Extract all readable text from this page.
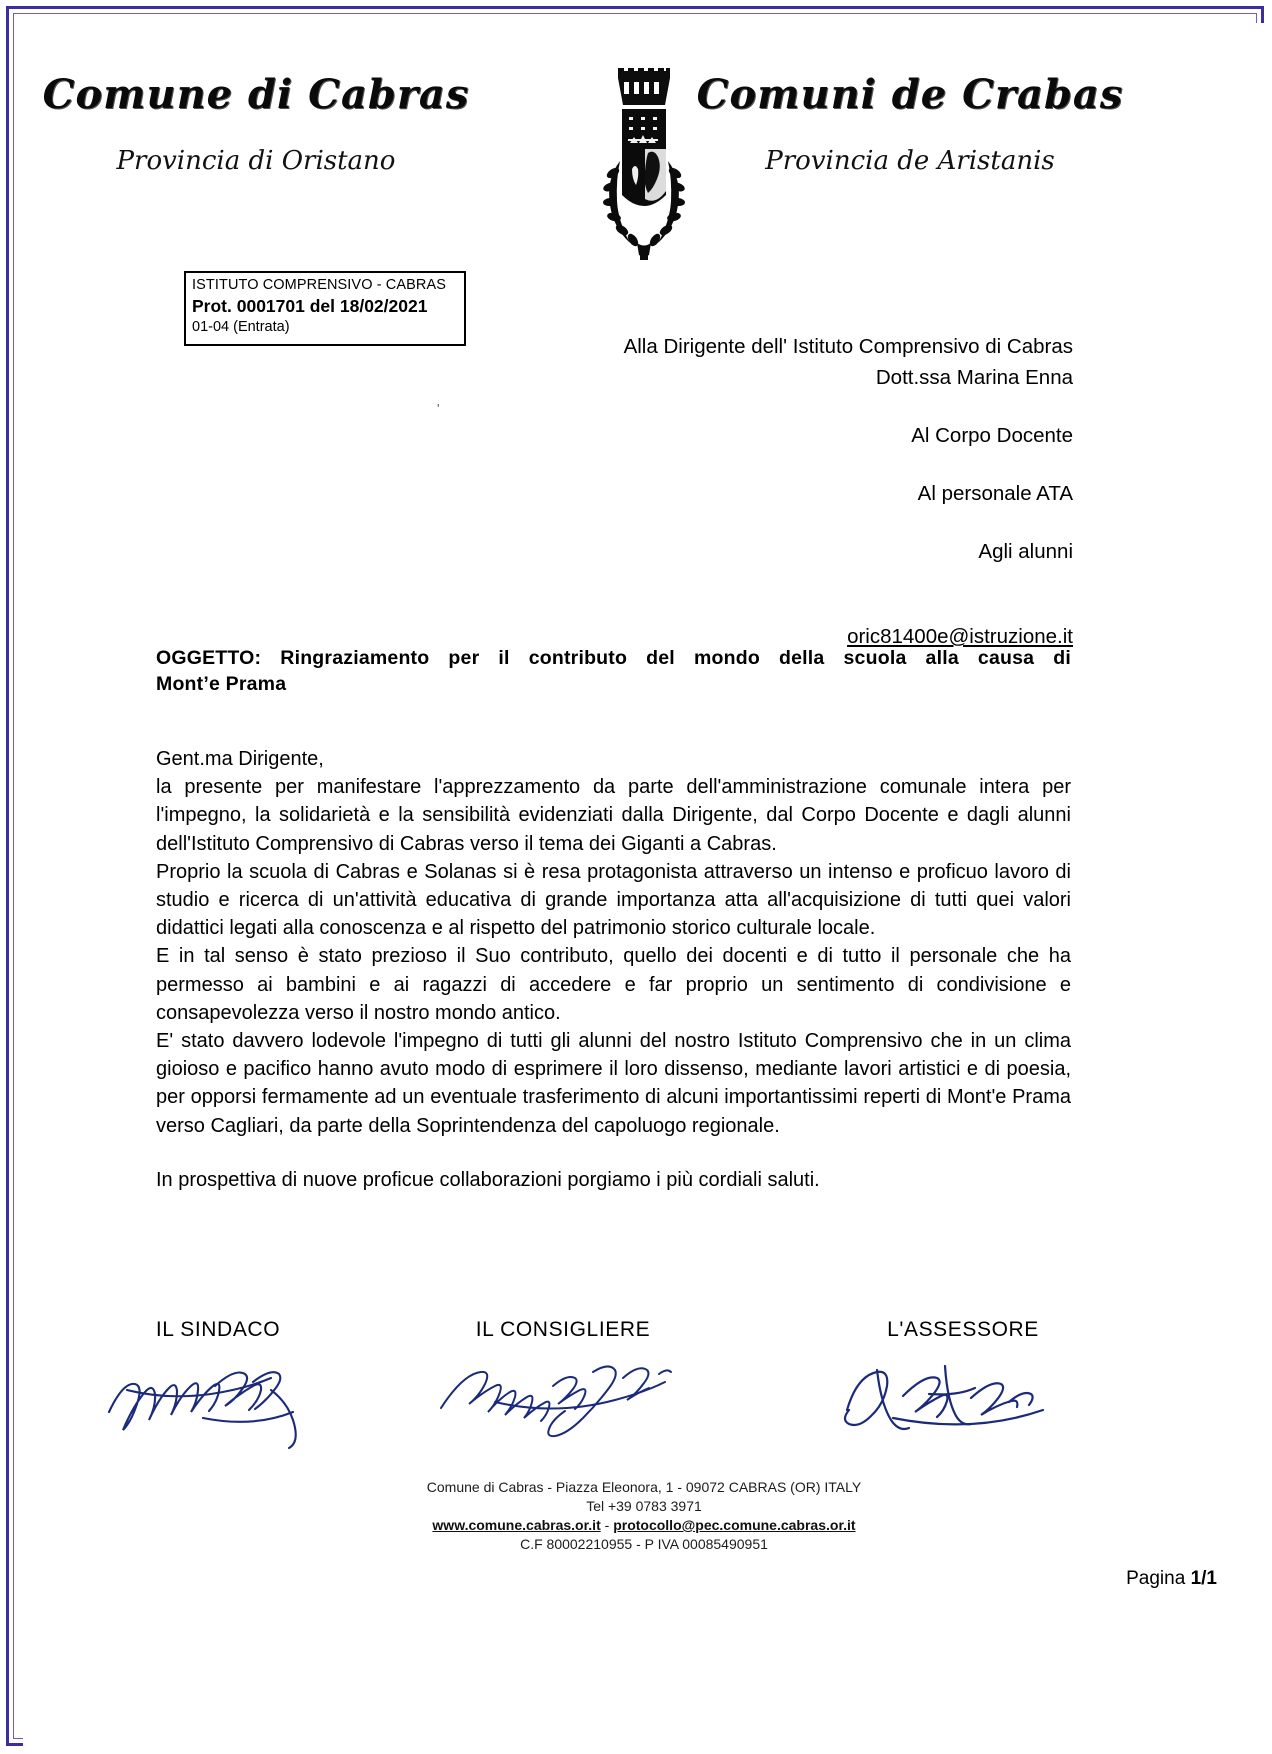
Comune di Cabras
Provincia di Oristano
Comuni de Crabas
Provincia de Aristanis
ISTITUTO COMPRENSIVO - CABRAS
Prot. 0001701 del 18/02/2021
01-04 (Entrata)
Alla Dirigente dell' Istituto Comprensivo di Cabras
Dott.ssa Marina Enna
Al Corpo Docente
Al personale ATA
Agli alunni
oric81400e@istruzione.it
'
OGGETTO: Ringraziamento per il contributo del mondo della scuola alla causa di
Mont’e Prama

Gent.ma Dirigente,

la presente per manifestare l'apprezzamento da parte dell'amministrazione comunale intera per l'impegno, la solidarietà e la sensibilità evidenziati dalla Dirigente, dal Corpo Docente e dagli alunni dell'Istituto Comprensivo di Cabras verso il tema dei Giganti a Cabras.

Proprio la scuola di Cabras e Solanas si è resa protagonista attraverso un intenso e proficuo lavoro di studio e ricerca di un'attività educativa di grande importanza atta all'acquisizione di tutti quei valori didattici legati alla conoscenza e al rispetto del patrimonio storico culturale locale.

E in tal senso è stato prezioso il Suo contributo, quello dei docenti e di tutto il personale che ha permesso ai bambini e ai ragazzi di accedere e far proprio un sentimento di condivisione e consapevolezza verso il nostro mondo antico.

E' stato davvero lodevole l'impegno di tutti gli alunni del nostro Istituto Comprensivo che in un clima gioioso e pacifico hanno avuto modo di esprimere il loro dissenso, mediante lavori artistici e di poesia, per opporsi fermamente ad un eventuale trasferimento di alcuni importantissimi reperti di Mont'e Prama verso Cagliari, da parte della Soprintendenza del capoluogo regionale.

In prospettiva di nuove proficue collaborazioni porgiamo i più cordiali saluti.

IL SINDACO	IL CONSIGLIERE	L'ASSESSORE
Comune di Cabras - Piazza Eleonora, 1 - 09072 CABRAS (OR) ITALY
Tel +39 0783 3971
www.comune.cabras.or.it - protocollo@pec.comune.cabras.or.it
C.F 80002210955 - P IVA 00085490951
Pagina 1/1
